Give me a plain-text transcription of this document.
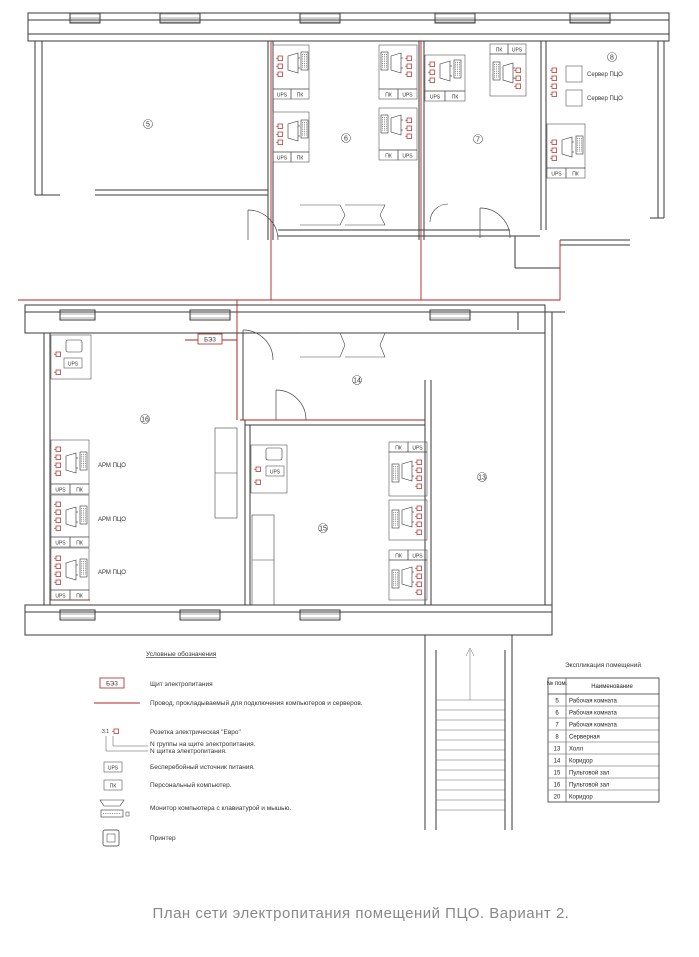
БЭЗ
5
6	7
8
13
14
15
16
UPS ПК
UPS ПК
ПК UPS
ПК UPS
UPS ПК
ПК UPS
Сервер ПЦО
Сервер ПЦО
UPS ПК
UPS
UPS ПК
АРМ ПЦО
UPS ПК
АРМ ПЦО
UPS ПК
АРМ ПЦО
UPS
ПК UPS
ПК UPS
Условные обозначения
БЭЗ	Щит электропитания
Провод, прокладываемый для подключения компьютеров и серверов.
3.1	Розетка электрическая "Евро"
N группы на щите электропитания.
N щитка электропитания.
UPS	Бесперебойный источник питания.
ПК	Персональный компьютер.
Монитор компьютера с клавиатурой и мышью.
Принтер
Экспликация помещений
№ пом.	Наименование
5 Рабочая комната
6 Рабочая комната
7 Рабочая комната
8 Серверная
13 Холл
14 Коридор
15 Пультовой зал
16 Пультовой зал
20 Коридор
План сети электропитания помещений ПЦО. Вариант 2.
